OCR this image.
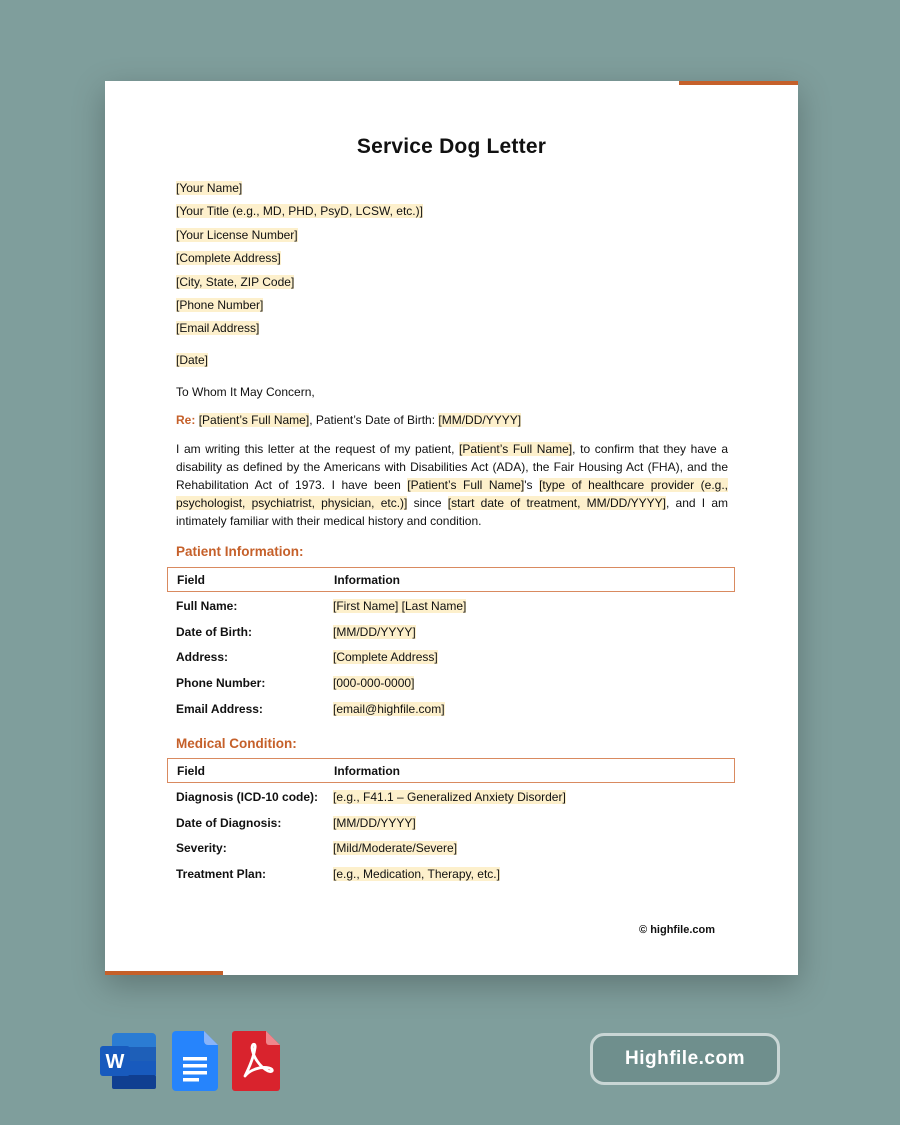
Service Dog Letter
[Your Name]
[Your Title (e.g., MD, PHD, PsyD, LCSW, etc.)]
[Your License Number]
[Complete Address]
[City, State, ZIP Code]
[Phone Number]
[Email Address]
[Date]
To Whom It May Concern,
Re: [Patient’s Full Name], Patient’s Date of Birth: [MM/DD/YYYY]
I am writing this letter at the request of my patient, [Patient’s Full Name], to confirm that they have a disability as defined by the Americans with Disabilities Act (ADA), the Fair Housing Act (FHA), and the Rehabilitation Act of 1973. I have been [Patient’s Full Name]'s [type of healthcare provider (e.g., psychologist, psychiatrist, physician, etc.)] since [start date of treatment, MM/DD/YYYY], and I am intimately familiar with their medical history and condition.
Patient Information:
Field	Information
Full Name:	[First Name] [Last Name]
Date of Birth:	[MM/DD/YYYY]
Address:	[Complete Address]
Phone Number:	[000-000-0000]
Email Address:	[email@highfile.com]
Medical Condition:
Field	Information
Diagnosis (ICD-10 code): [e.g., F41.1 – Generalized Anxiety Disorder]
Date of Diagnosis:	[MM/DD/YYYY]
Severity:	[Mild/Moderate/Severe]
Treatment Plan:	[e.g., Medication, Therapy, etc.]
© highfile.com
W	Highfile.com
